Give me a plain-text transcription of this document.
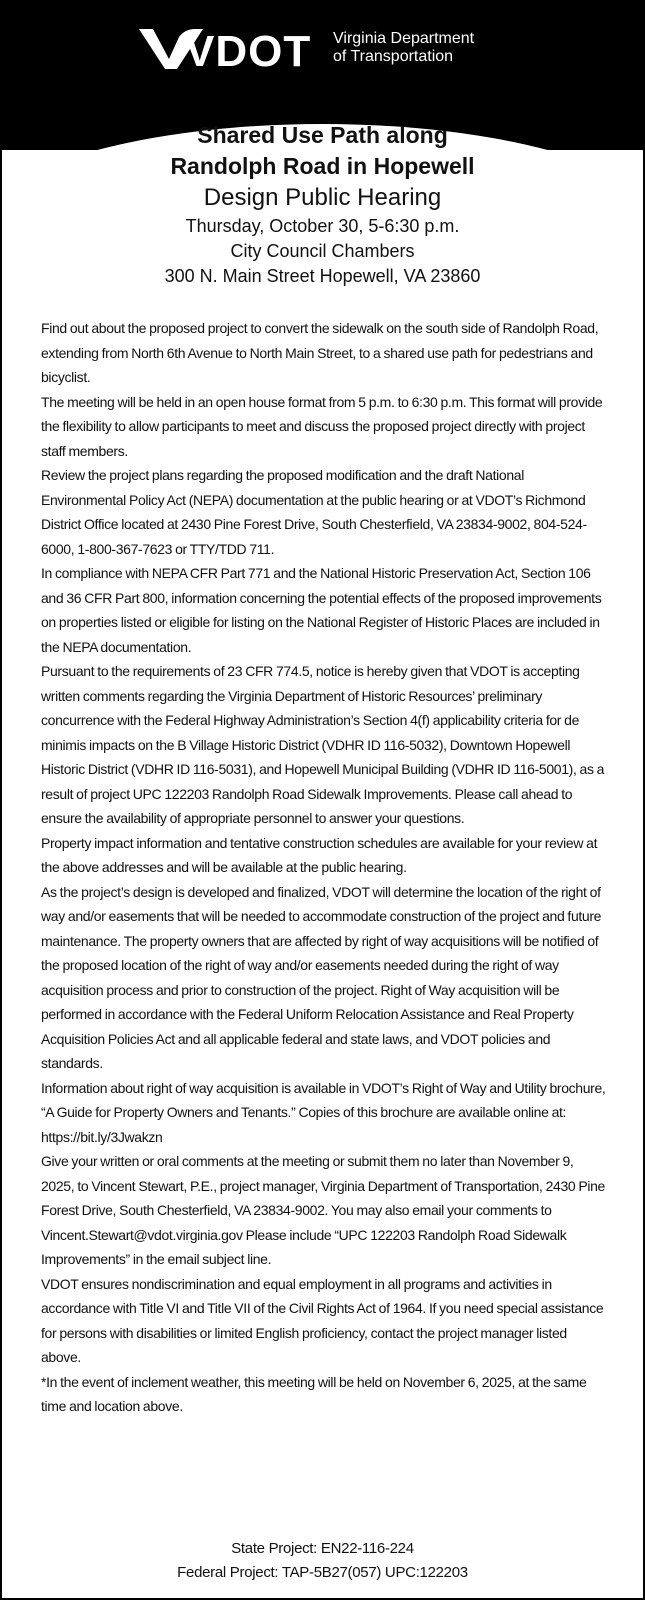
VDOT Virginia Department
of Transportation

Shared Use Path along

Randolph Road in Hopewell

Design Public Hearing

Thursday, October 30, 5-6:30 p.m.

City Council Chambers

300 N. Main Street Hopewell, VA 23860

Find out about the proposed project to convert the sidewalk on the south side of Randolph Road, extending from North 6th Avenue to North Main Street, to a shared use path for pedestrians and bicyclist.

The meeting will be held in an open house format from 5 p.m. to 6:30 p.m. This format will provide the flexibility to allow participants to meet and discuss the proposed project directly with project staff members.

Review the project plans regarding the proposed modification and the draft National Environmental Policy Act (NEPA) documentation at the public hearing or at VDOT’s Richmond District Office located at 2430 Pine Forest Drive, South Chesterfield, VA 23834-9002, 804-524-6000, 1-800-367-7623 or TTY/TDD 711.

In compliance with NEPA CFR Part 771 and the National Historic Preservation Act, Section 106 and 36 CFR Part 800, information concerning the potential effects of the proposed improvements on properties listed or eligible for listing on the National Register of Historic Places are included in the NEPA documentation.

Pursuant to the requirements of 23 CFR 774.5, notice is hereby given that VDOT is accepting written comments regarding the Virginia Department of Historic Resources’ preliminary concurrence with the Federal Highway Administration’s Section 4(f) applicability criteria for de minimis impacts on the B Village Historic District (VDHR ID 116-5032), Downtown Hopewell Historic District (VDHR ID 116-5031), and Hopewell Municipal Building (VDHR ID 116-5001), as a result of project UPC 122203 Randolph Road Sidewalk Improvements. Please call ahead to ensure the availability of appropriate personnel to answer your questions.

Property impact information and tentative construction schedules are available for your review at the above addresses and will be available at the public hearing.

As the project’s design is developed and finalized, VDOT will determine the location of the right of way and/or easements that will be needed to accommodate construction of the project and future maintenance. The property owners that are affected by right of way acquisitions will be notified of the proposed location of the right of way and/or easements needed during the right of way acquisition process and prior to construction of the project. Right of Way acquisition will be performed in accordance with the Federal Uniform Relocation Assistance and Real Property Acquisition Policies Act and all applicable federal and state laws, and VDOT policies and standards.

Information about right of way acquisition is available in VDOT’s Right of Way and Utility brochure, “A Guide for Property Owners and Tenants.” Copies of this brochure are available online at: https://bit.ly/3Jwakzn

Give your written or oral comments at the meeting or submit them no later than November 9, 2025, to Vincent Stewart, P.E., project manager, Virginia Department of Transportation, 2430 Pine Forest Drive, South Chesterfield, VA 23834-9002. You may also email your comments to Vincent.Stewart@vdot.virginia.gov Please include “UPC 122203 Randolph Road Sidewalk Improvements” in the email subject line.

VDOT ensures nondiscrimination and equal employment in all programs and activities in accordance with Title VI and Title VII of the Civil Rights Act of 1964. If you need special assistance for persons with disabilities or limited English proficiency, contact the project manager listed above.

*In the event of inclement weather, this meeting will be held on November 6, 2025, at the same time and location above.

State Project: EN22-116-224

Federal Project: TAP-5B27(057) UPC:122203
